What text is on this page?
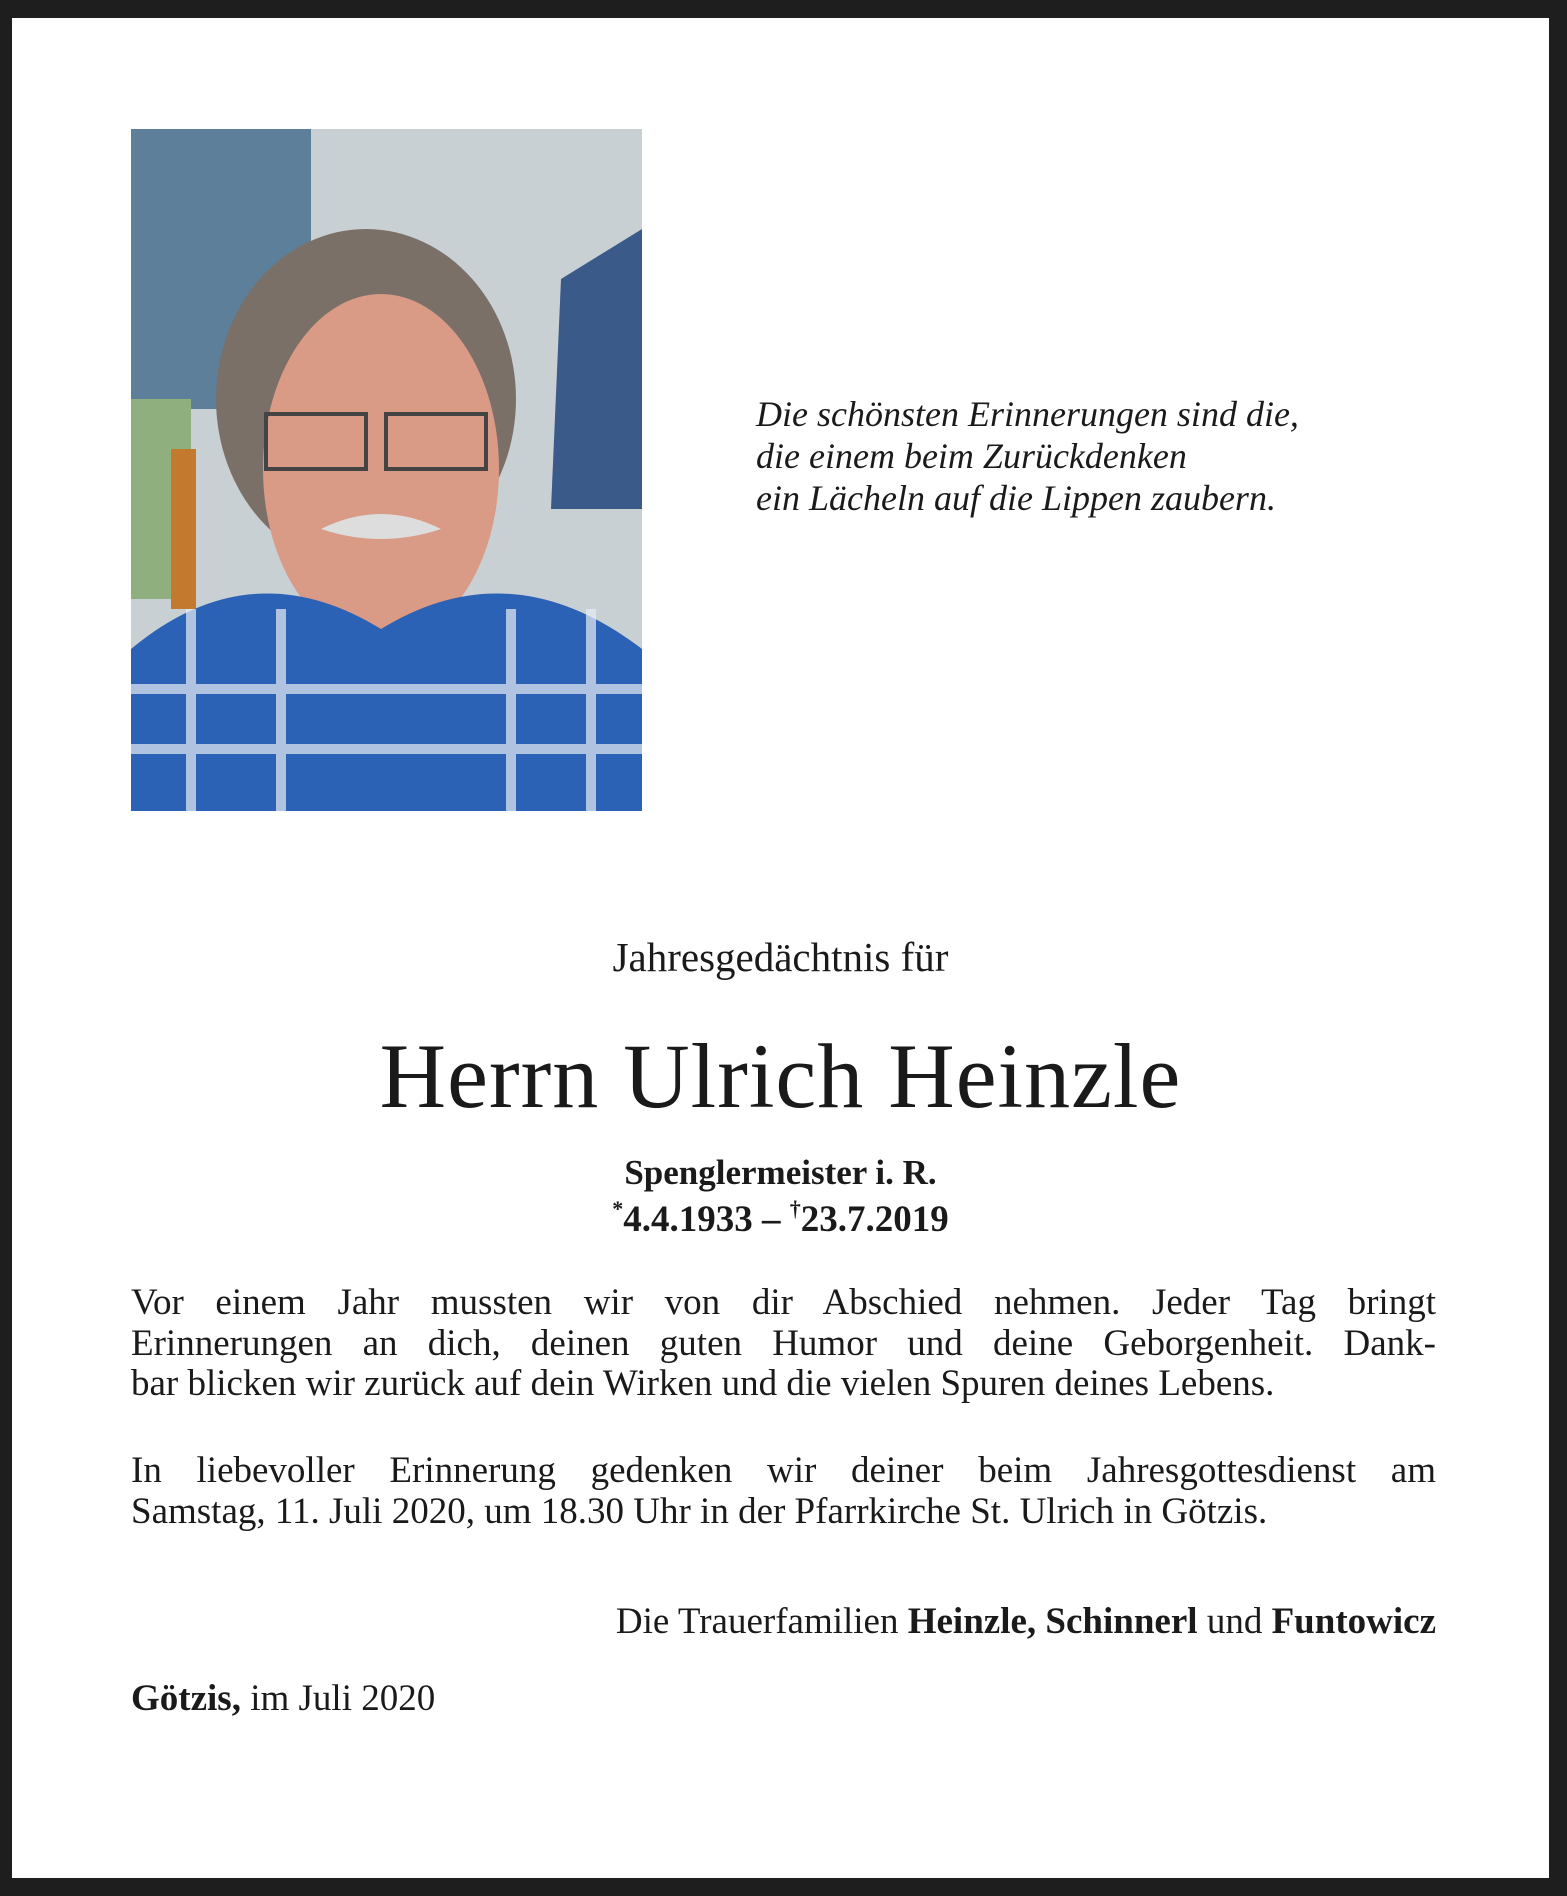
Die schönsten Erinnerungen sind die,
die einem beim Zurückdenken
ein Lächeln auf die Lippen zaubern.
Jahresgedächtnis für
Herrn Ulrich Heinzle
Spenglermeister i. R.
*4.4.1933 – †23.7.2019
Vor einem Jahr mussten wir von dir Abschied nehmen. Jeder Tag bringt
Erinnerungen an dich, deinen guten Humor und deine Geborgenheit. Dank-
bar blicken wir zurück auf dein Wirken und die vielen Spuren deines Lebens.
In liebevoller Erinnerung gedenken wir deiner beim Jahresgottesdienst am
Samstag, 11. Juli 2020, um 18.30 Uhr in der Pfarrkirche St. Ulrich in Götzis.
Die Trauerfamilien Heinzle, Schinnerl und Funtowicz
Götzis, im Juli 2020
